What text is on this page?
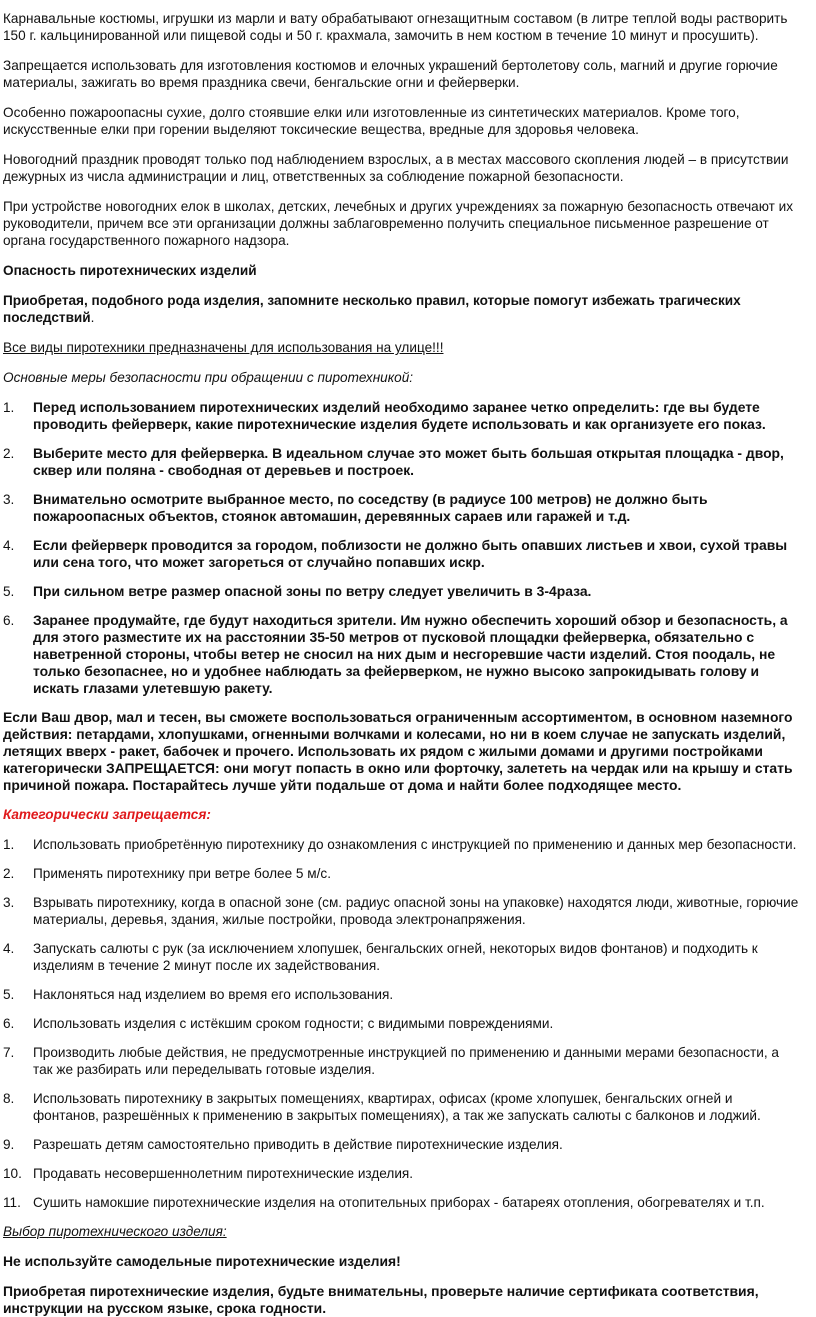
Карнавальные костюмы, игрушки из марли и вату обрабатывают огнезащитным составом (в литре теплой воды растворить 150 г. кальцинированной или пищевой соды и 50 г. крахмала, замочить в нем костюм в течение 10 минут и просушить).

Запрещается использовать для изготовления костюмов и елочных украшений бертолетову соль, магний и другие горючие материалы, зажигать во время праздника свечи, бенгальские огни и фейерверки.

Особенно пожароопасны сухие, долго стоявшие елки или изготовленные из синтетических материалов. Кроме того, искусственные елки при горении выделяют токсические вещества, вредные для здоровья человека.

Новогодний праздник проводят только под наблюдением взрослых, а в местах массового скопления людей – в присутствии дежурных из числа администрации и лиц, ответственных за соблюдение пожарной безопасности.

При устройстве новогодних елок в школах, детских, лечебных и других учреждениях за пожарную безопасность отвечают их руководители, причем все эти организации должны заблаговременно получить специальное письменное разрешение от органа государственного пожарного надзора.

Опасность пиротехнических изделий

Приобретая, подобного рода изделия, запомните несколько правил, которые помогут избежать трагических последствий.

Все виды пиротехники предназначены для использования на улице!!!

Основные меры безопасности при обращении с пиротехникой:

1.	Перед использованием пиротехнических изделий необходимо заранее четко определить: где вы будете проводить фейерверк, какие пиротехнические изделия будете использовать и как организуете его показ.
2.	Выберите место для фейерверка. В идеальном случае это может быть большая открытая площадка - двор, сквер или поляна - свободная от деревьев и построек.
3.	Внимательно осмотрите выбранное место, по соседству (в радиусе 100 метров) не должно быть пожароопасных объектов, стоянок автомашин, деревянных сараев или гаражей и т.д.
4.	Если фейерверк проводится за городом, поблизости не должно быть опавших листьев и хвои, сухой травы или сена того, что может загореться от случайно попавших искр.
5.	При сильном ветре размер опасной зоны по ветру следует увеличить в 3-4раза.
6.	Заранее продумайте, где будут находиться зрители. Им нужно обеспечить хороший обзор и безопасность, а для этого разместите их на расстоянии 35-50 метров от пусковой площадки фейерверка, обязательно с наветренной стороны, чтобы ветер не сносил на них дым и несгоревшие части изделий. Стоя поодаль, не только безопаснее, но и удобнее наблюдать за фейерверком, не нужно высоко запрокидывать голову и искать глазами улетевшую ракету.

Если Ваш двор, мал и тесен, вы сможете воспользоваться ограниченным ассортиментом, в основном наземного действия: петардами, хлопушками, огненными волчками и колесами, но ни в коем случае не запускать изделий, летящих вверх - ракет, бабочек и прочего. Использовать их рядом с жилыми домами и другими постройками категорически ЗАПРЕЩАЕТСЯ: они могут попасть в окно или форточку, залететь на чердак или на крышу и стать причиной пожара. Постарайтесь лучше уйти подальше от дома и найти более подходящее место.

Категорически запрещается:

1.	Использовать приобретённую пиротехнику до ознакомления с инструкцией по применению и данных мер безопасности.
2.	Применять пиротехнику при ветре более 5 м/с.
3.	Взрывать пиротехнику, когда в опасной зоне (см. радиус опасной зоны на упаковке) находятся люди, животные, горючие материалы, деревья, здания, жилые постройки, провода электронапряжения.
4.	Запускать салюты с рук (за исключением хлопушек, бенгальских огней, некоторых видов фонтанов) и подходить к изделиям в течение 2 минут после их задействования.
5.	Наклоняться над изделием во время его использования.
6.	Использовать изделия с истёкшим сроком годности; с видимыми повреждениями.
7.	Производить любые действия, не предусмотренные инструкцией по применению и данными мерами безопасности, а так же разбирать или переделывать готовые изделия.
8.	Использовать пиротехнику в закрытых помещениях, квартирах, офисах (кроме хлопушек, бенгальских огней и фонтанов, разрешённых к применению в закрытых помещениях), а так же запускать салюты с балконов и лоджий.
9.	Разрешать детям самостоятельно приводить в действие пиротехнические изделия.
10. Продавать несовершеннолетним пиротехнические изделия.
11. Сушить намокшие пиротехнические изделия на отопительных приборах - батареях отопления, обогревателях и т.п.

Выбор пиротехнического изделия:

Не используйте самодельные пиротехнические изделия!

Приобретая пиротехнические изделия, будьте внимательны, проверьте наличие сертификата соответствия, инструкции на русском языке, срока годности.
